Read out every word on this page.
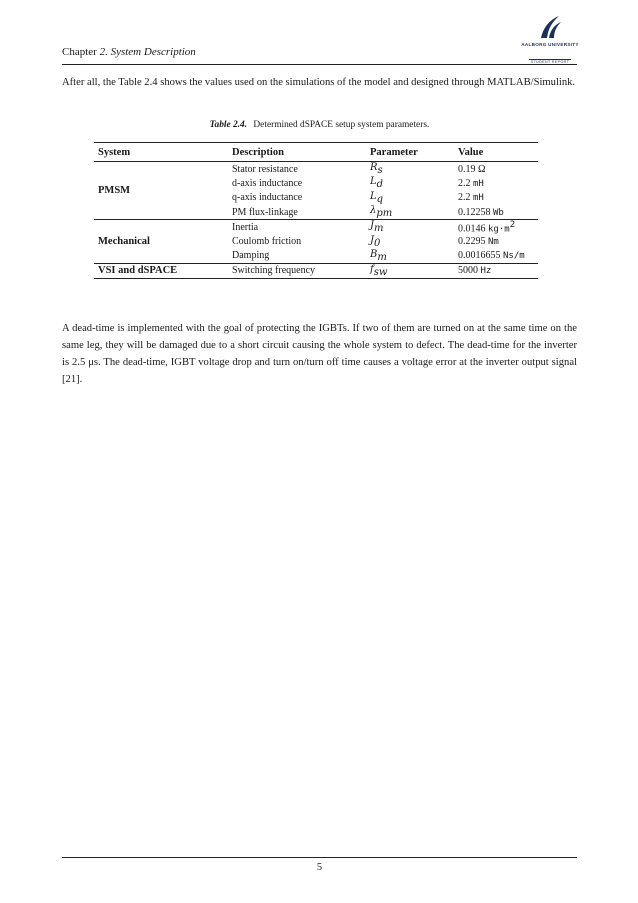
Chapter 2. System Description
AALBORG UNIVERSITY
STUDENT REPORT

After all, the Table 2.4 shows the values used on the simulations of the model and designed through MATLAB/Simulink.

Table 2.4. Determined dSPACE setup system parameters.
System	Description	Parameter	Value
PMSM	Stator resistance	$R_s$	0.19 Ω
	d-axis inductance	$L_d$	2.2 mH
	q-axis inductance	$L_q$	2.2 mH
	PM flux-linkage	$\lambda_{pm}$	0.12258 Wb
Mechanical	Inertia	$J_m$	0.0146 $kg\cdot m^2$
	Coulomb friction	$J_0$	0.2295 Nm
	Damping	$B_m$	0.0016655 Ns/m
VSI and dSPACE	Switching frequency	$f_{sw}$	5000 Hz

A dead-time is implemented with the goal of protecting the IGBTs. If two of them are turned on at the same time on the same leg, they will be damaged due to a short circuit causing the whole system to defect. The dead-time for the inverter is 2.5 μs. The dead-time, IGBT voltage drop and turn on/turn off time causes a voltage error at the inverter output signal [21].

5
